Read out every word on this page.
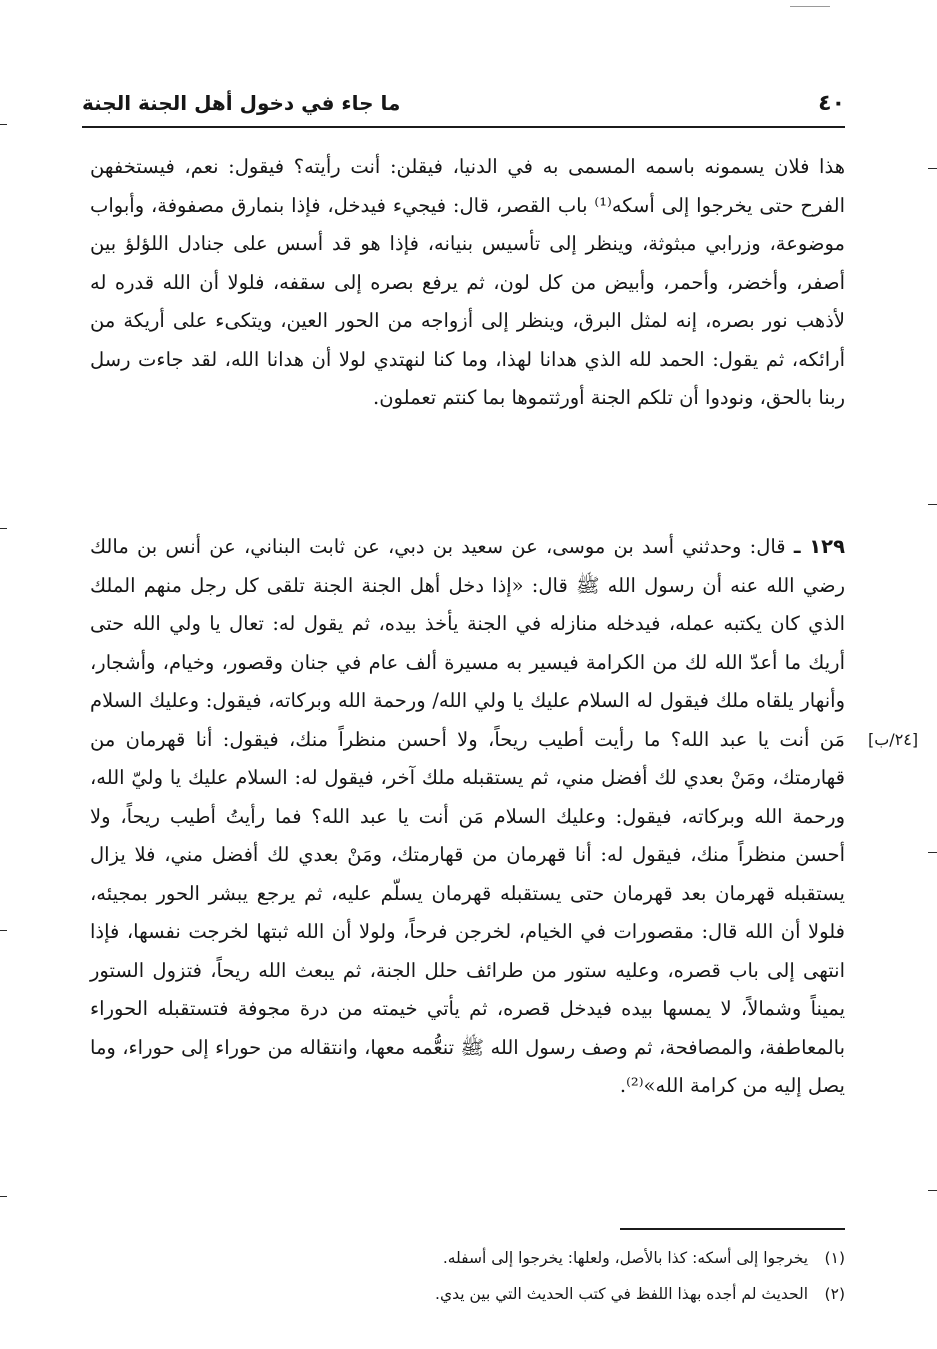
٤٠
ما جاء في دخول أهل الجنة الجنة
هذا فلان يسمونه باسمه المسمى به في الدنيا، فيقلن: أنت رأيته؟ فيقول: نعم، فيستخفهن الفرح حتى يخرجوا إلى أسكه⁽¹⁾ باب القصر، قال: فيجيء فيدخل، فإذا بنمارق مصفوفة، وأبواب موضوعة، وزرابي مبثوثة، وينظر إلى تأسيس بنيانه، فإذا هو قد أسس على جنادل اللؤلؤ بين أصفر، وأخضر، وأحمر، وأبيض من كل لون، ثم يرفع بصره إلى سقفه، فلولا أن الله قدره له لأذهب نور بصره، إنه لمثل البرق، وينظر إلى أزواجه من الحور العين، ويتكىء على أريكة من أرائكه، ثم يقول: الحمد لله الذي هدانا لهذا، وما كنا لنهتدي لولا أن هدانا الله، لقد جاءت رسل ربنا بالحق، ونودوا أن تلكم الجنة أورثتموها بما كنتم تعملون.
١٢٩ ـ قال: وحدثني أسد بن موسى، عن سعيد بن دبي، عن ثابت البناني، عن أنس بن مالك رضي الله عنه أن رسول الله ﷺ قال: «إذا دخل أهل الجنة الجنة تلقى كل رجل منهم الملك الذي كان يكتبه عمله، فيدخله منازله في الجنة يأخذ بيده، ثم يقول له: تعال يا ولي الله حتى أريك ما أعدّ الله لك من الكرامة فيسير به مسيرة ألف عام في جنان وقصور، وخيام، وأشجار، وأنهار يلقاه ملك فيقول له السلام عليك يا ولي الله/ ورحمة الله وبركاته، فيقول: وعليك السلام مَن أنت يا عبد الله؟ ما رأيت أطيب ريحاً، ولا أحسن منظراً منك، فيقول: أنا قهرمان من قهارمتك، ومَنْ بعدي لك أفضل مني، ثم يستقبله ملك آخر، فيقول له: السلام عليك يا وليّ الله، ورحمة الله وبركاته، فيقول: وعليك السلام مَن أنت يا عبد الله؟ فما رأيتُ أطيب ريحاً، ولا أحسن منظراً منك، فيقول له: أنا قهرمان من قهارمتك، ومَنْ بعدي لك أفضل مني، فلا يزال يستقبله قهرمان بعد قهرمان حتى يستقبله قهرمان يسلّم عليه، ثم يرجع يبشر الحور بمجيئه، فلولا أن الله قال: مقصورات في الخيام، لخرجن فرحاً، ولولا أن الله ثبتها لخرجت نفسها، فإذا انتهى إلى باب قصره، وعليه ستور من طرائف حلل الجنة، ثم يبعث الله ريحاً، فتزول الستور يميناً وشمالاً، لا يمسها بيده فيدخل قصره، ثم يأتي خيمته من درة مجوفة فتستقبله الحوراء بالمعاطفة، والمصافحة، ثم وصف رسول الله ﷺ تنعُّمه معها، وانتقاله من حوراء إلى حوراء، وما يصل إليه من كرامة الله»⁽²⁾.
[٢٤/ب]
(١) يخرجوا إلى أسكه: كذا بالأصل، ولعلها: يخرجوا إلى أسفله.
(٢) الحديث لم أجده بهذا اللفظ في كتب الحديث التي بين يدي.
